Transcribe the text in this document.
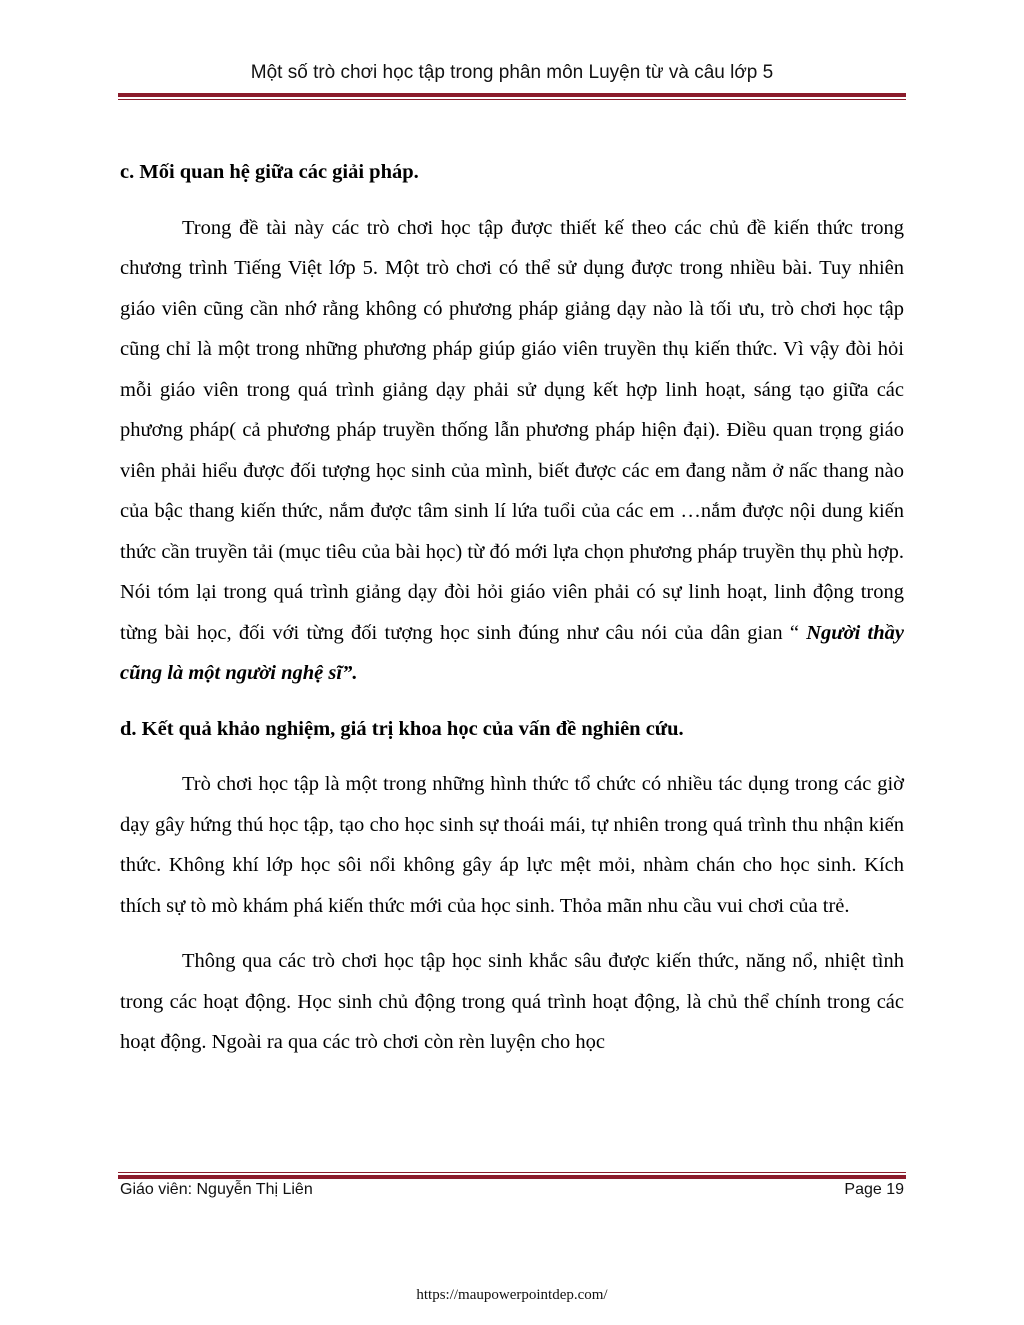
Một số trò chơi học tập trong phân môn Luyện từ và câu lớp 5
c. Mối quan hệ giữa các giải pháp.
Trong đề tài này các trò chơi học tập được thiết kế theo các chủ đề kiến thức trong chương trình Tiếng Việt lớp 5. Một trò chơi có thể sử dụng được trong nhiều bài. Tuy nhiên giáo viên cũng cần nhớ rằng không có phương pháp giảng dạy nào là tối ưu, trò chơi học tập cũng chỉ là một trong những phương pháp giúp giáo viên truyền thụ kiến thức. Vì vậy đòi hỏi mỗi giáo viên trong quá trình giảng dạy phải sử dụng kết hợp linh hoạt, sáng tạo giữa các phương pháp( cả phương pháp truyền thống lẫn phương pháp hiện đại). Điều quan trọng giáo viên phải hiểu được đối tượng học sinh của mình, biết được các em đang nằm ở nấc thang nào của bậc thang kiến thức, nắm được tâm sinh lí lứa tuổi của các em …nắm được nội dung kiến thức cần truyền tải (mục tiêu của bài học) từ đó mới lựa chọn phương pháp truyền thụ phù hợp. Nói tóm lại trong quá trình giảng dạy đòi hỏi giáo viên phải có sự linh hoạt, linh động trong từng bài học, đối với từng đối tượng học sinh đúng như câu nói của dân gian “ Người thầy cũng là một người nghệ sĩ”.
d. Kết quả khảo nghiệm, giá trị khoa học của vấn đề nghiên cứu.
Trò chơi học tập là một trong những hình thức tổ chức có nhiều tác dụng trong các giờ dạy gây hứng thú học tập, tạo cho học sinh sự thoái mái, tự nhiên trong quá trình thu nhận kiến thức. Không khí lớp học sôi nổi không gây áp lực mệt mỏi, nhàm chán cho học sinh. Kích thích sự tò mò khám phá kiến thức mới của học sinh. Thỏa mãn nhu cầu vui chơi của trẻ.
Thông qua các trò chơi học tập học sinh khắc sâu được kiến thức, năng nổ, nhiệt tình trong các hoạt động. Học sinh chủ động trong quá trình hoạt động, là chủ thể chính trong các hoạt động. Ngoài ra qua các trò chơi còn rèn luyện cho học
Giáo viên: Nguyễn Thị Liên	Page 19
https://maupowerpointdep.com/
